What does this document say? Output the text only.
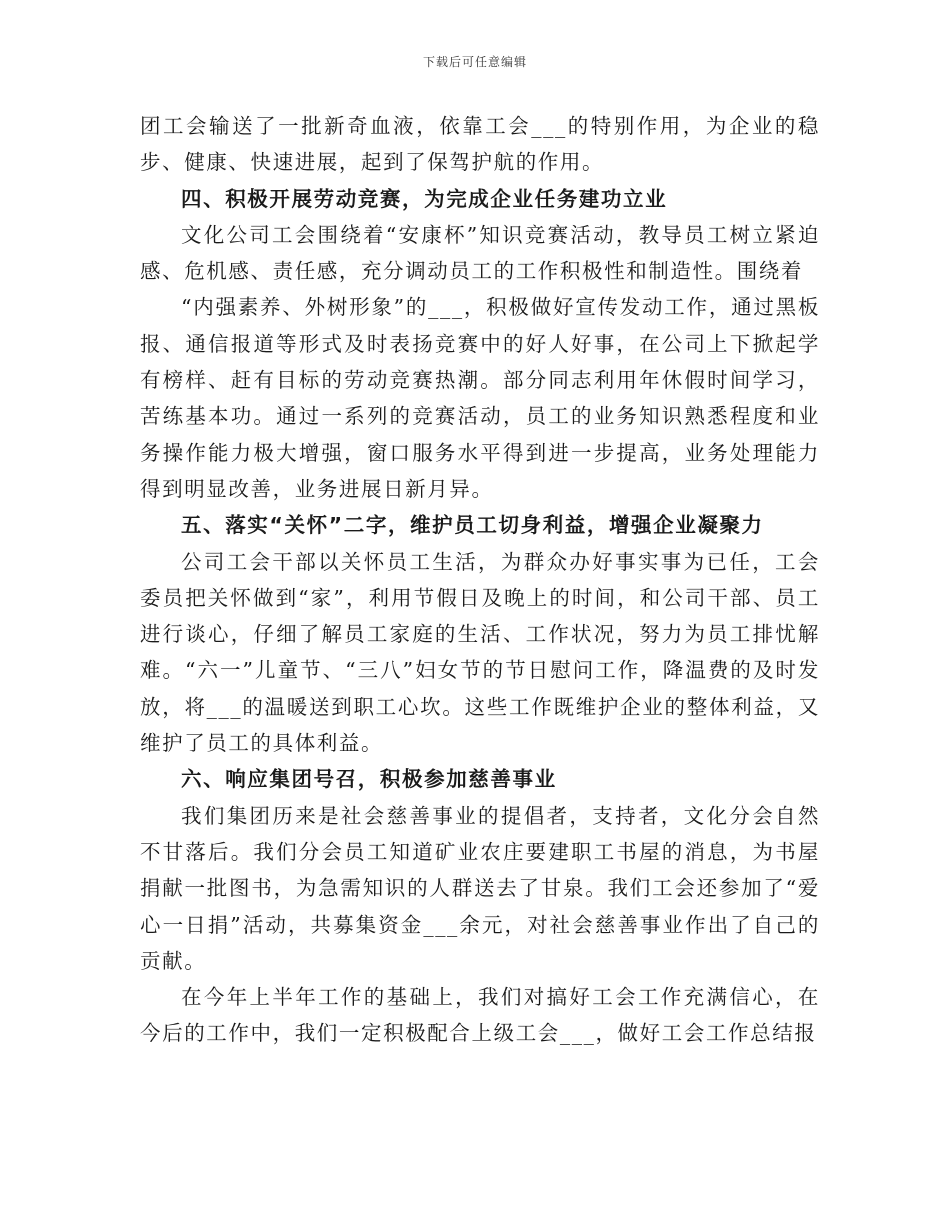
下载后可任意编辑

团工会输送了一批新奇血液，依靠工会___的特别作用，为企业的稳步、健康、快速进展，起到了保驾护航的作用。

四、积极开展劳动竞赛，为完成企业任务建功立业

文化公司工会围绕着“安康杯”知识竞赛活动，教导员工树立紧迫感、危机感、责任感，充分调动员工的工作积极性和制造性。围绕着

“内强素养、外树形象”的___，积极做好宣传发动工作，通过黑板报、通信报道等形式及时表扬竞赛中的好人好事，在公司上下掀起学有榜样、赶有目标的劳动竞赛热潮。部分同志利用年休假时间学习，苦练基本功。通过一系列的竞赛活动，员工的业务知识熟悉程度和业务操作能力极大增强，窗口服务水平得到进一步提高，业务处理能力得到明显改善，业务进展日新月异。

五、落实“关怀”二字，维护员工切身利益，增强企业凝聚力

公司工会干部以关怀员工生活，为群众办好事实事为已任，工会委员把关怀做到“家”，利用节假日及晚上的时间，和公司干部、员工进行谈心，仔细了解员工家庭的生活、工作状况，努力为员工排忧解难。“六一”儿童节、“三八”妇女节的节日慰问工作，降温费的及时发放，将___的温暖送到职工心坎。这些工作既维护企业的整体利益，又维护了员工的具体利益。

六、响应集团号召，积极参加慈善事业

我们集团历来是社会慈善事业的提倡者，支持者，文化分会自然不甘落后。我们分会员工知道矿业农庄要建职工书屋的消息，为书屋捐献一批图书，为急需知识的人群送去了甘泉。我们工会还参加了“爱心一日捐”活动，共募集资金___余元，对社会慈善事业作出了自己的贡献。

在今年上半年工作的基础上，我们对搞好工会工作充满信心，在今后的工作中，我们一定积极配合上级工会___，做好工会工作总结报
